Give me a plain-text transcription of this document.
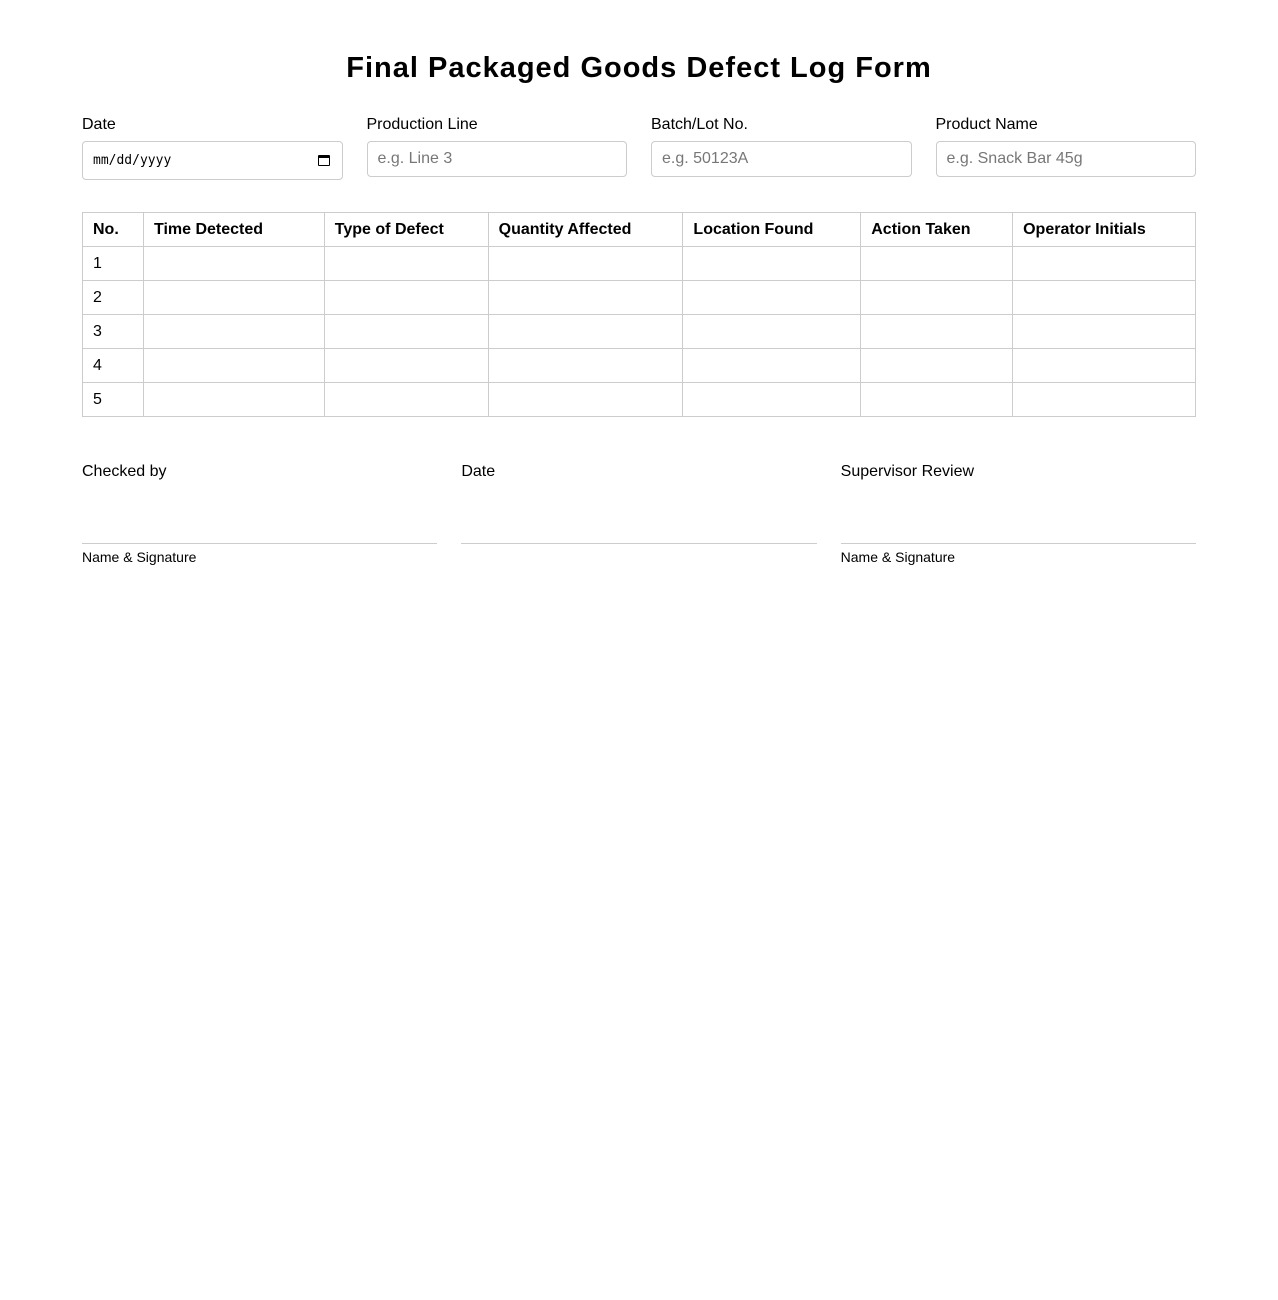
Final Packaged Goods Defect Log Form
Date
mm/dd/yyyy
Production Line
e.g. Line 3
Batch/Lot No.
e.g. 50123A
Product Name
e.g. Snack Bar 45g
No.	Time Detected	Type of Defect	Quantity Affected	Location Found	Action Taken	Operator Initials
1						
2						
3						
4						
5						
Checked by
Name & Signature
Date	Supervisor Review
Name & Signature
